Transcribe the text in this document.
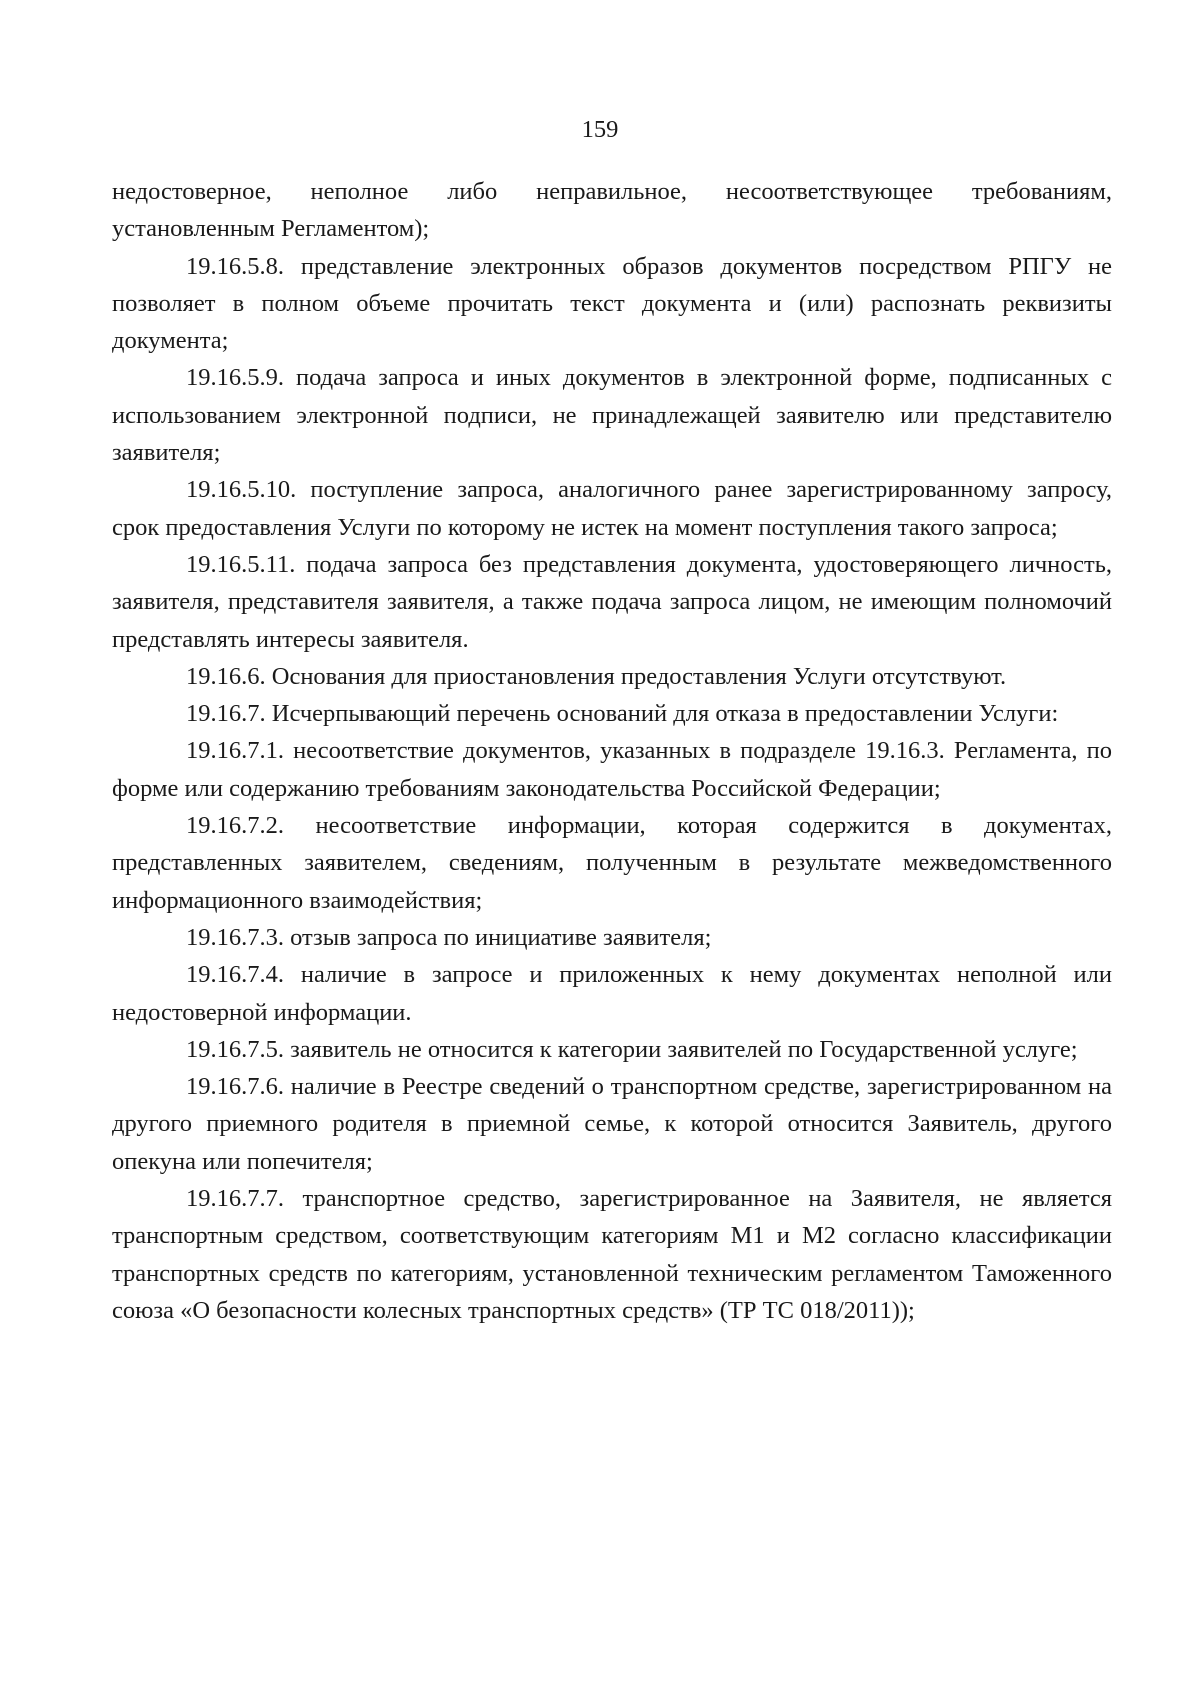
159

недостоверное, неполное либо неправильное, несоответствующее требованиям, установленным Регламентом);

19.16.5.8. представление электронных образов документов посредством РПГУ не позволяет в полном объеме прочитать текст документа и (или) распознать реквизиты документа;

19.16.5.9. подача запроса и иных документов в электронной форме, подписанных с использованием электронной подписи, не принадлежащей заявителю или представителю заявителя;

19.16.5.10. поступление запроса, аналогичного ранее зарегистрированному запросу, срок предоставления Услуги по которому не истек на момент поступления такого запроса;

19.16.5.11. подача запроса без представления документа, удостоверяющего личность, заявителя, представителя заявителя, а также подача запроса лицом, не имеющим полномочий представлять интересы заявителя.

19.16.6. Основания для приостановления предоставления Услуги отсутствуют.

19.16.7. Исчерпывающий перечень оснований для отказа в предоставлении Услуги:

19.16.7.1. несоответствие документов, указанных в подразделе 19.16.3. Регламента, по форме или содержанию требованиям законодательства Российской Федерации;

19.16.7.2. несоответствие информации, которая содержится в документах, представленных заявителем, сведениям, полученным в результате межведомственного информационного взаимодействия;

19.16.7.3. отзыв запроса по инициативе заявителя;

19.16.7.4. наличие в запросе и приложенных к нему документах неполной или недостоверной информации.

19.16.7.5. заявитель не относится к категории заявителей по Государственной услуге;

19.16.7.6. наличие в Реестре сведений о транспортном средстве, зарегистрированном на другого приемного родителя в приемной семье, к которой относится Заявитель, другого опекуна или попечителя;

19.16.7.7. транспортное средство, зарегистрированное на Заявителя, не является транспортным средством, соответствующим категориям М1 и М2 согласно классификации транспортных средств по категориям, установленной техническим регламентом Таможенного союза «О безопасности колесных транспортных средств» (ТР ТС 018/2011));
